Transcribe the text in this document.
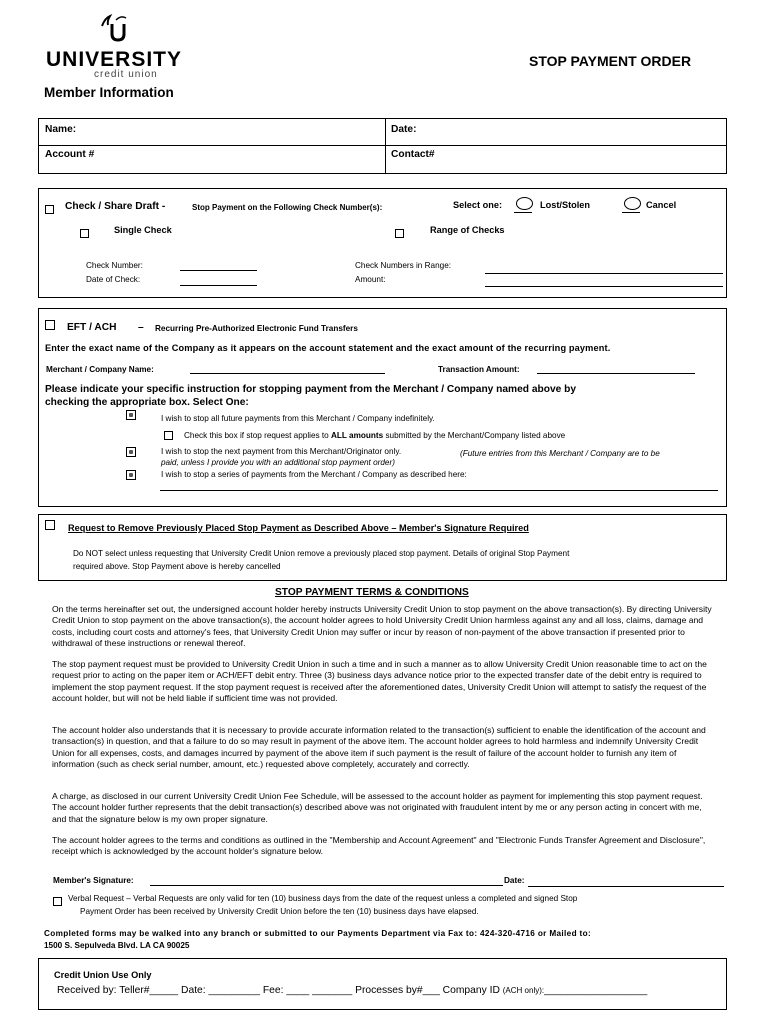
UNIVERSITY
credit union
STOP PAYMENT ORDER
Member Information
Name:	Date:
Account #	Contact#
Check / Share Draft -	Stop Payment on the Following Check Number(s):	Select one:	Lost/Stolen	Cancel
Single Check	Range of Checks
Check Number:
Date of Check:
Check Numbers in Range:
Amount:
EFT / ACH – Recurring Pre-Authorized Electronic Fund Transfers
Enter the exact name of the Company as it appears on the account statement and the exact amount of the recurring payment.
Merchant / Company Name:	Transaction Amount:
Please indicate your specific instruction for stopping payment from the Merchant / Company named above by
checking the appropriate box. Select One:
I wish to stop all future payments from this Merchant / Company indefinitely.
Check this box if stop request applies to ALL amounts submitted by the Merchant/Company listed above
I wish to stop the next payment from this Merchant/Originator only.	(Future entries from this Merchant / Company are to be
paid, unless I provide you with an additional stop payment order)
I wish to stop a series of payments from the Merchant / Company as described here:
Request to Remove Previously Placed Stop Payment as Described Above – Member's Signature Required
Do NOT select unless requesting that University Credit Union remove a previously placed stop payment. Details of original Stop Payment
required above. Stop Payment above is hereby cancelled
STOP PAYMENT TERMS & CONDITIONS
On the terms hereinafter set out, the undersigned account holder hereby instructs University Credit Union to stop payment on the above transaction(s). By directing University Credit Union to stop payment on the above transaction(s), the account holder agrees to hold University Credit Union harmless against any and all loss, claims, damage and costs, including court costs and attorney's fees, that University Credit Union may suffer or incur by reason of non-payment of the above transaction if presented prior to withdrawal of these instructions or renewal thereof.
The stop payment request must be provided to University Credit Union in such a time and in such a manner as to allow University Credit Union reasonable time to act on the request prior to acting on the paper item or ACH/EFT debit entry. Three (3) business days advance notice prior to the expected transfer date of the debit entry is required to implement the stop payment request. If the stop payment request is received after the aforementioned dates, University Credit Union will attempt to satisfy the request of the account holder, but will not be held liable if sufficient time was not provided.
The account holder also understands that it is necessary to provide accurate information related to the transaction(s) sufficient to enable the identification of the account and transaction(s) in question, and that a failure to do so may result in payment of the above item. The account holder agrees to hold harmless and indemnify University Credit Union for all expenses, costs, and damages incurred by payment of the above item if such payment is the result of failure of the account holder to furnish any item of information (such as check serial number, amount, etc.) requested above completely, accurately and correctly.
A charge, as disclosed in our current University Credit Union Fee Schedule, will be assessed to the account holder as payment for implementing this stop payment request. The account holder further represents that the debit transaction(s) described above was not originated with fraudulent intent by me or any person acting in concert with me, and that the signature below is my own proper signature.
The account holder agrees to the terms and conditions as outlined in the "Membership and Account Agreement" and "Electronic Funds Transfer Agreement and Disclosure", receipt which is acknowledged by the account holder's signature below.
Member's Signature:	Date:
Verbal Request – Verbal Requests are only valid for ten (10) business days from the date of the request unless a completed and signed Stop
Payment Order has been received by University Credit Union before the ten (10) business days have elapsed.
Completed forms may be walked into any branch or submitted to our Payments Department via Fax to: 424-320-4716 or Mailed to:
1500 S. Sepulveda Blvd. LA CA 90025
Credit Union Use Only
Received by: Teller#_____ Date: _________ Fee: ____ _______ Processes by#___ Company ID (ACH only):__________________
